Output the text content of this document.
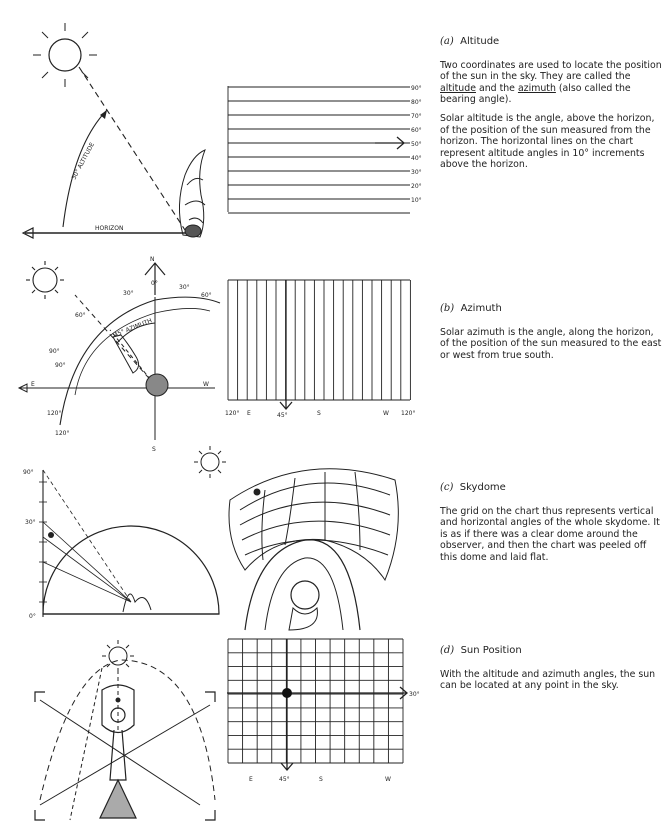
HORIZON
30° ALTITUDE
90°
80°
70°
60°
50°
40°
30°
20°
10°
(a) Altitude

Two coordinates are used to locate the position of the sun in the sky. They are called the altitude and the azimuth (also called the bearing angle).

Solar altitude is the angle, above the horizon, of the position of the sun measured from the horizon. The horizontal lines on the chart represent altitude angles in 10° increments above the horizon.

45° AZIMUTH
N
S
E	W
0°
30°
60°
90°
120°
30°
60°
90°
120°	120° E	45°	S	W 120°
(b) Azimuth

Solar azimuth is the angle, along the horizon, of the position of the sun measured to the east or west from true south.

90°
30°
0°
(c) Skydome

The grid on the chart thus represents vertical and horizontal angles of the whole skydome. It is as if there was a clear dome around the observer, and then the chart was peeled off this dome and laid flat.

30°
E	45°	S	W
(d) Sun Position

With the altitude and azimuth angles, the sun can be located at any point in the sky.
